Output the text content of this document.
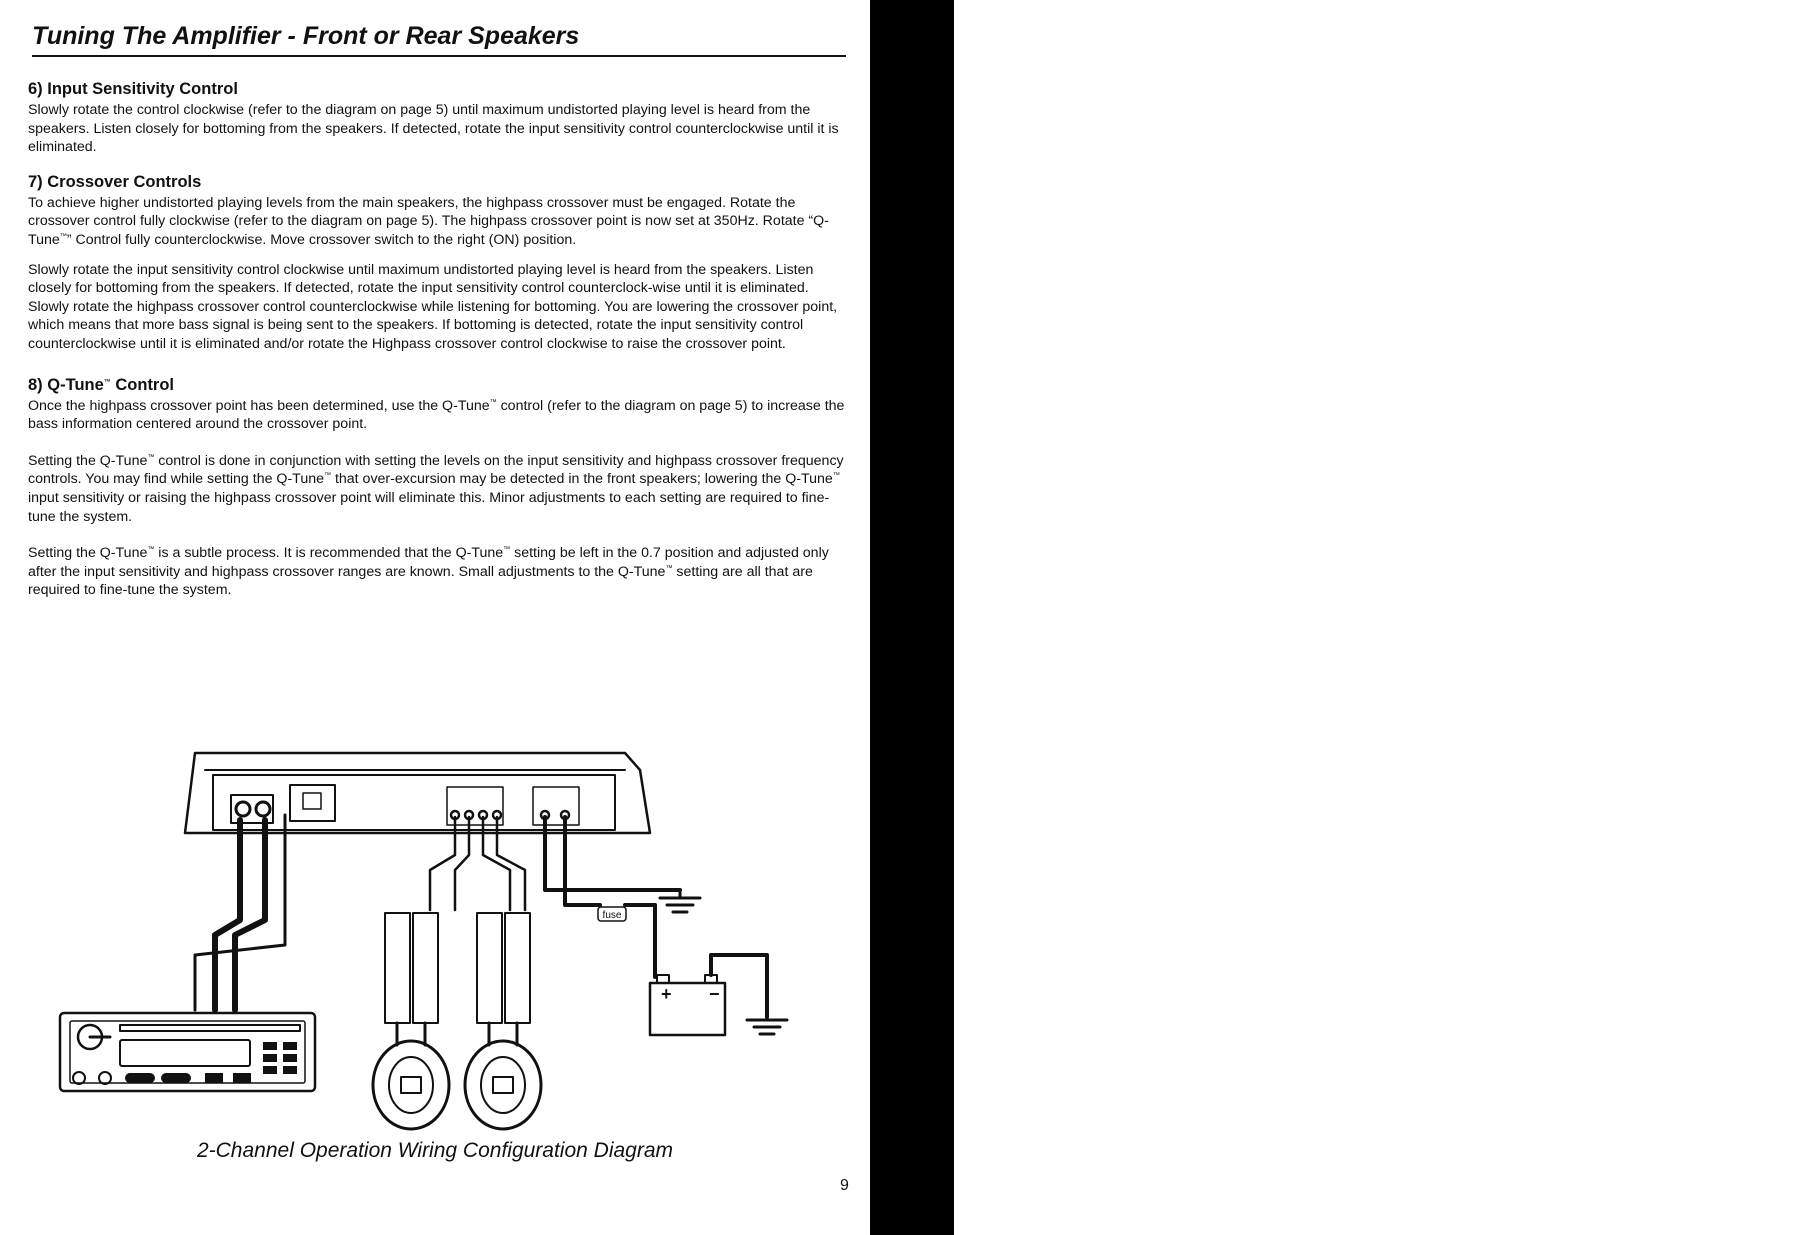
Tuning - Front / Rear Speakers
Tuning The Amplifier - Front or Rear Speakers
6) Input Sensitivity Control

Slowly rotate the control clockwise (refer to the diagram on page 5) until maximum undistorted playing level is heard from the speakers. Listen closely for bottoming from the speakers. If detected, rotate the input sensitivity control counterclockwise until it is eliminated.

7) Crossover Controls

To achieve higher undistorted playing levels from the main speakers, the highpass crossover must be engaged. Rotate the crossover control fully clockwise (refer to the diagram on page 5). The highpass crossover point is now set at 350Hz. Rotate “Q-Tune™” Control fully counterclockwise. Move crossover switch to the right (ON) position.

Slowly rotate the input sensitivity control clockwise until maximum undistorted playing level is heard from the speakers. Listen closely for bottoming from the speakers. If detected, rotate the input sensitivity control counterclock-wise until it is eliminated. Slowly rotate the highpass crossover control counterclockwise while listening for bottoming. You are lowering the crossover point, which means that more bass signal is being sent to the speakers. If bottoming is detected, rotate the input sensitivity control counterclockwise until it is eliminated and/or rotate the Highpass crossover control clockwise to raise the crossover point.

8) Q-Tune™ Control

Once the highpass crossover point has been determined, use the Q-Tune™ control (refer to the diagram on page 5) to increase the bass information centered around the crossover point.

Setting the Q-Tune™ control is done in conjunction with setting the levels on the input sensitivity and highpass crossover frequency controls. You may find while setting the Q-Tune™ that over-excursion may be detected in the front speakers; lowering the Q-Tune™ input sensitivity or raising the highpass crossover point will eliminate this. Minor adjustments to each setting are required to fine-tune the system.

Setting the Q-Tune™ is a subtle process. It is recommended that the Q-Tune™ setting be left in the 0.7 position and adjusted only after the input sensitivity and highpass crossover ranges are known. Small adjustments to the Q-Tune™ setting are all that are required to fine-tune the system.

fuse
+ −
2-Channel Operation Wiring Configuration Diagram
9
